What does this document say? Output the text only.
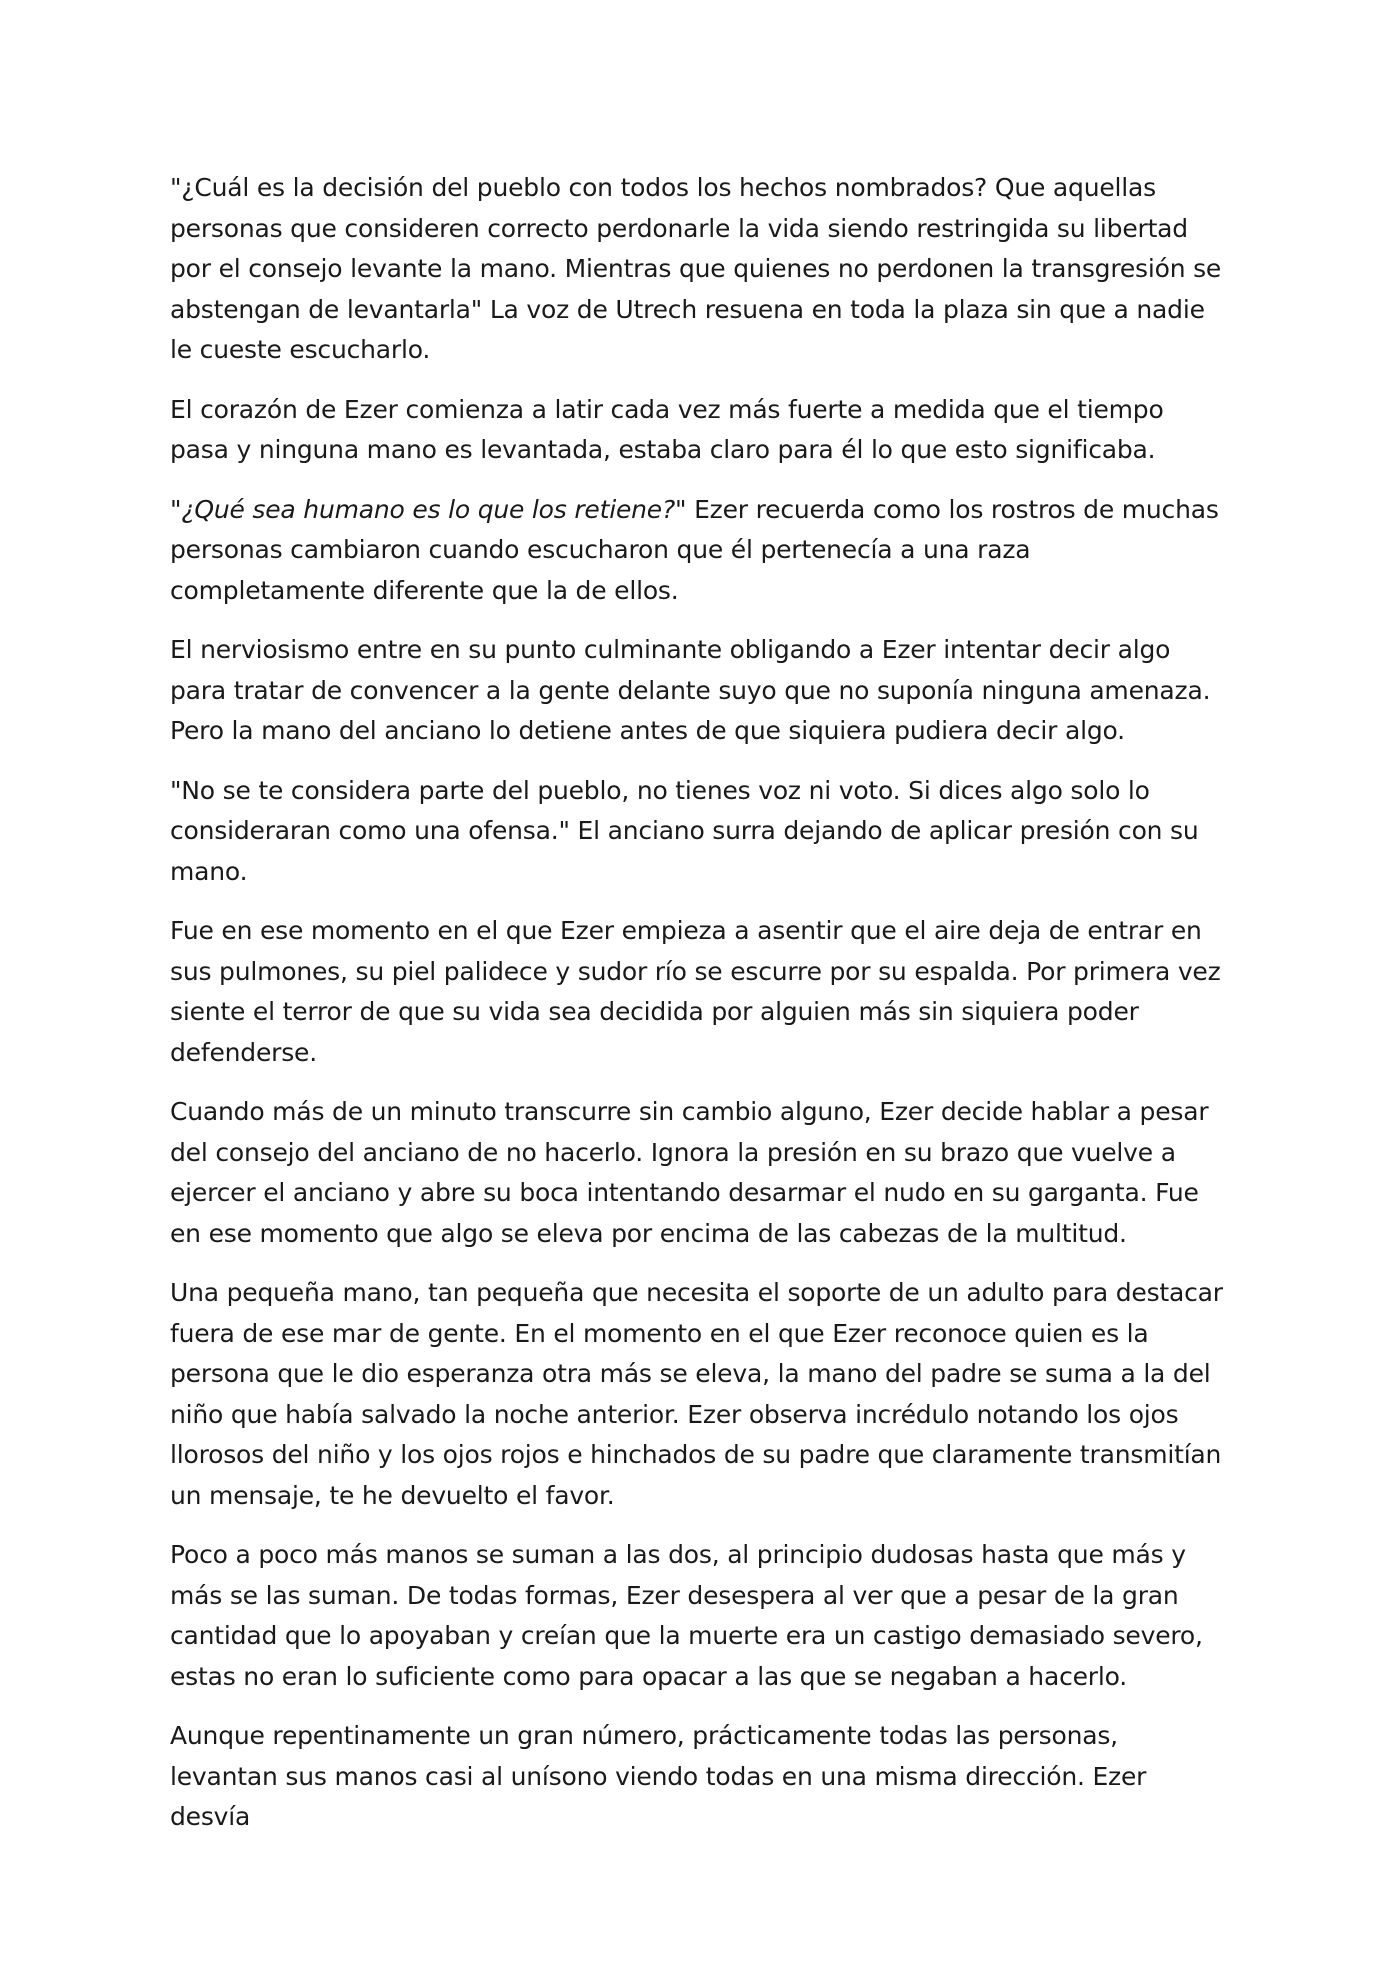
"¿Cuál es la decisión del pueblo con todos los hechos nombrados? Que aquellas personas que consideren correcto perdonarle la vida siendo restringida su libertad por el consejo levante la mano. Mientras que quienes no perdonen la transgresión se abstengan de levantarla" La voz de Utrech resuena en toda la plaza sin que a nadie le cueste escucharlo.

El corazón de Ezer comienza a latir cada vez más fuerte a medida que el tiempo pasa y ninguna mano es levantada, estaba claro para él lo que esto significaba.

"¿Qué sea humano es lo que los retiene?" Ezer recuerda como los rostros de muchas personas cambiaron cuando escucharon que él pertenecía a una raza completamente diferente que la de ellos.

El nerviosismo entre en su punto culminante obligando a Ezer intentar decir algo para tratar de convencer a la gente delante suyo que no suponía ninguna amenaza. Pero la mano del anciano lo detiene antes de que siquiera pudiera decir algo.

"No se te considera parte del pueblo, no tienes voz ni voto. Si dices algo solo lo consideraran como una ofensa." El anciano surra dejando de aplicar presión con su mano.

Fue en ese momento en el que Ezer empieza a asentir que el aire deja de entrar en sus pulmones, su piel palidece y sudor río se escurre por su espalda. Por primera vez siente el terror de que su vida sea decidida por alguien más sin siquiera poder defenderse.

Cuando más de un minuto transcurre sin cambio alguno, Ezer decide hablar a pesar del consejo del anciano de no hacerlo. Ignora la presión en su brazo que vuelve a ejercer el anciano y abre su boca intentando desarmar el nudo en su garganta. Fue en ese momento que algo se eleva por encima de las cabezas de la multitud.

Una pequeña mano, tan pequeña que necesita el soporte de un adulto para destacar fuera de ese mar de gente. En el momento en el que Ezer reconoce quien es la persona que le dio esperanza otra más se eleva, la mano del padre se suma a la del niño que había salvado la noche anterior. Ezer observa incrédulo notando los ojos llorosos del niño y los ojos rojos e hinchados de su padre que claramente transmitían un mensaje, te he devuelto el favor.

Poco a poco más manos se suman a las dos, al principio dudosas hasta que más y más se las suman. De todas formas, Ezer desespera al ver que a pesar de la gran cantidad que lo apoyaban y creían que la muerte era un castigo demasiado severo, estas no eran lo suficiente como para opacar a las que se negaban a hacerlo.

Aunque repentinamente un gran número, prácticamente todas las personas, levantan sus manos casi al unísono viendo todas en una misma dirección. Ezer desvía
